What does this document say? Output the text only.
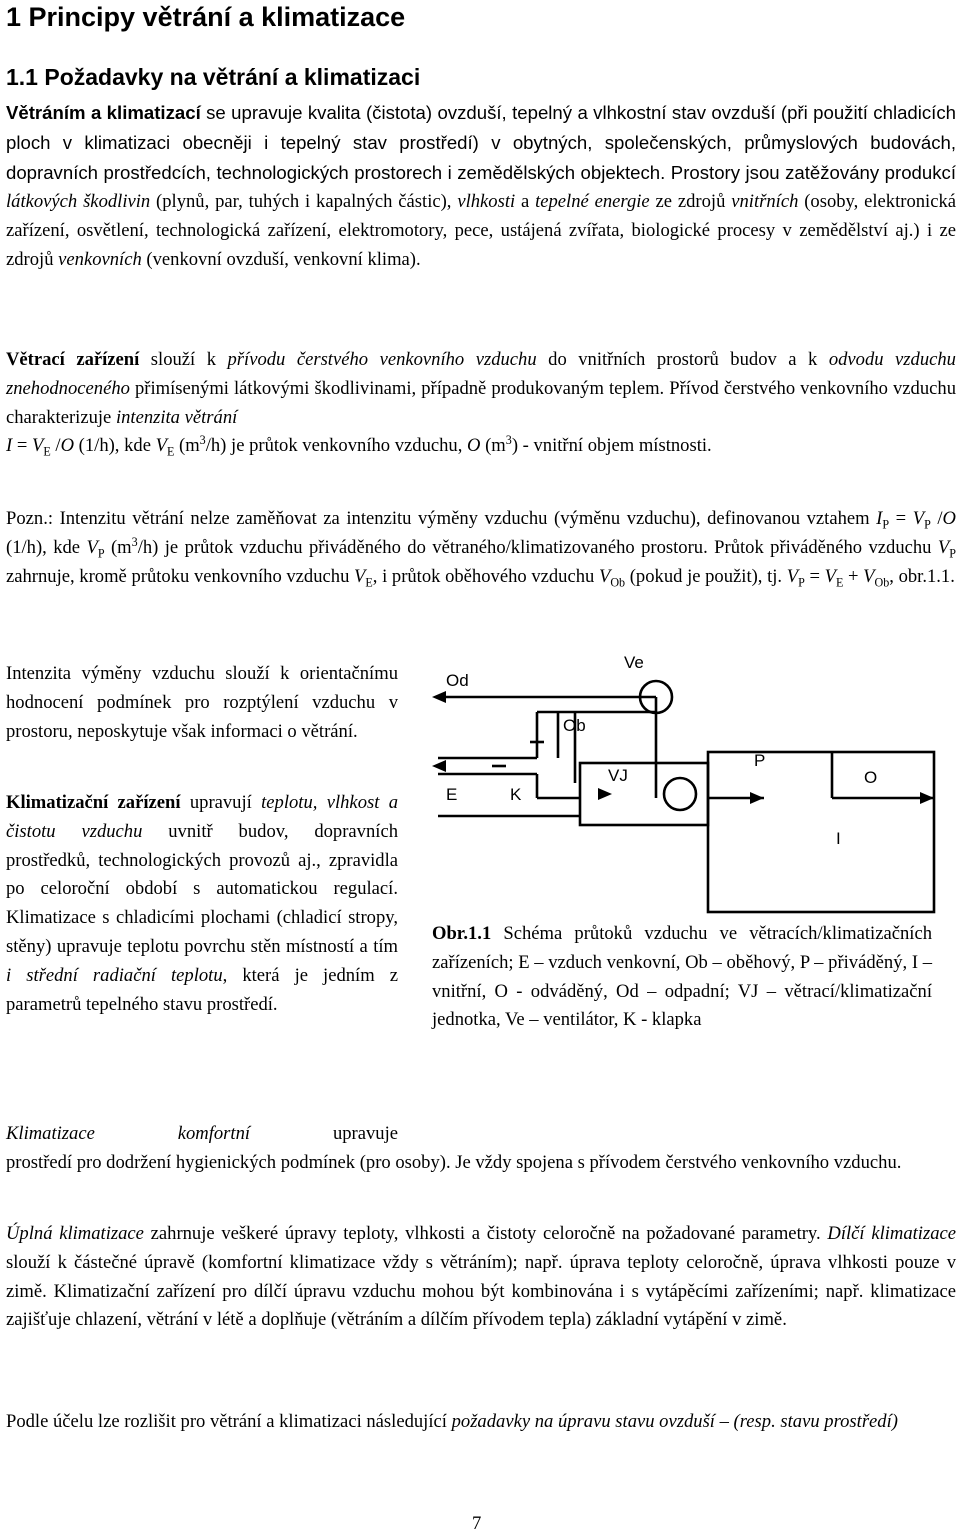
1 Principy větrání a klimatizace
1.1 Požadavky na větrání a klimatizaci

Větráním a klimatizací se upravuje kvalita (čistota) ovzduší, tepelný a vlhkostní stav ovzduší (při použití chladicích ploch v klimatizaci obecněji i tepelný stav prostředí) v obytných, společenských, průmyslových budovách, dopravních prostředcích, technologických prostorech i zemědělských objektech. Prostory jsou zatěžovány produkcí látkových škodlivin (plynů, par, tuhých i kapalných částic), vlhkosti a tepelné energie ze zdrojů vnitřních (osoby, elektronická zařízení, osvětlení, technologická zařízení, elektromotory, pece, ustájená zvířata, biologické procesy v zemědělství aj.) i ze zdrojů venkovních (venkovní ovzduší, venkovní klima).

Větrací zařízení slouží k přívodu čerstvého venkovního vzduchu do vnitřních prostorů budov a k odvodu vzduchu znehodnoceného přimísenými látkovými škodlivinami, případně produkovaným teplem. Přívod čerstvého venkovního vzduchu charakterizuje intenzita větrání
$I = V_E$ /O (1/h), kde $V_E$ $(m^3/h)$ je průtok venkovního vzduchu, O $(m^3)$ - vnitřní objem místnosti.

Pozn.: Intenzitu větrání nelze zaměňovat za intenzitu výměny vzduchu (výměnu vzduchu), definovanou vztahem $I_P = V_P$ /O (1/h), kde $V_P$ $(m^3/h)$ je průtok vzduchu přiváděného do větraného/klimatizovaného prostoru. Průtok přiváděného vzduchu $V_P$ zahrnuje, kromě průtoku venkovního vzduchu $V_E$, i průtok oběhového vzduchu $V_{Ob}$ (pokud je použit), tj. $V_P = V_E + V_{Ob}$, obr.1.1.

Intenzita výměny vzduchu slouží k orientačnímu hodnocení podmínek pro rozptýlení vzduchu v prostoru, neposkytuje však informaci o větrání.

Klimatizační zařízení upravují teplotu, vlhkost a čistotu vzduchu uvnitř budov, dopravních prostředků, technologických provozů aj., zpravidla po celoroční období s automatickou regulací. Klimatizace s chladicími plochami (chladicí stropy, stěny) upravuje teplotu povrchu stěn místností a tím i střední radiační teplotu, která je jedním z parametrů tepelného stavu prostředí.

Od
Ve
Ob
VJ
E	K
P
O
I

Obr.1.1 Schéma průtoků vzduchu ve větracích/klimatizačních zařízeních; E – vzduch venkovní, Ob – oběhový, P – přiváděný, I – vnitřní, O - odváděný, Od – odpadní; VJ – větrací/klimatizační jednotka, Ve – ventilátor, K - klapka

Klimatizace	komfortní	upravuje

prostředí pro dodržení hygienických podmínek (pro osoby). Je vždy spojena s přívodem čerstvého venkovního vzduchu.

Úplná klimatizace zahrnuje veškeré úpravy teploty, vlhkosti a čistoty celoročně na požadované parametry. Dílčí klimatizace slouží k částečné úpravě (komfortní klimatizace vždy s větráním); např. úprava teploty celoročně, úprava vlhkosti pouze v zimě. Klimatizační zařízení pro dílčí úpravu vzduchu mohou být kombinována i s vytápěcími zařízeními; např. klimatizace zajišťuje chlazení, větrání v létě a doplňuje (větráním a dílčím přívodem tepla) základní vytápění v zimě.

Podle účelu lze rozlišit pro větrání a klimatizaci následující požadavky na úpravu stavu ovzduší – (resp. stavu prostředí)

7
